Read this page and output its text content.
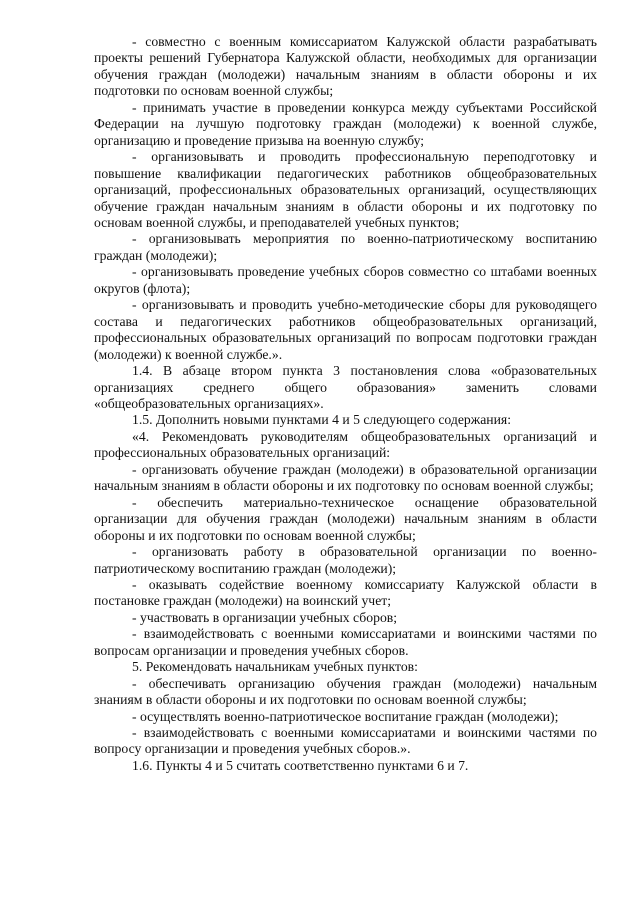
- совместно с военным комиссариатом Калужской области разрабатывать проекты решений Губернатора Калужской области, необходимых для организации обучения граждан (молодежи) начальным знаниям в области обороны и их подготовки по основам военной службы;

- принимать участие в проведении конкурса между субъектами Российской Федерации на лучшую подготовку граждан (молодежи) к военной службе, организацию и проведение призыва на военную службу;

- организовывать и проводить профессиональную переподготовку и повышение квалификации педагогических работников общеобразовательных организаций, профессиональных образовательных организаций, осуществляющих обучение граждан начальным знаниям в области обороны и их подготовку по основам военной службы, и преподавателей учебных пунктов;

- организовывать мероприятия по военно-патриотическому воспитанию граждан (молодежи);

- организовывать проведение учебных сборов совместно со штабами военных округов (флота);

- организовывать и проводить учебно-методические сборы для руководящего состава и педагогических работников общеобразовательных организаций, профессиональных образовательных организаций по вопросам подготовки граждан (молодежи) к военной службе.».

1.4. В абзаце втором пункта 3 постановления слова «образовательных организациях среднего общего образования» заменить словами «общеобразовательных организациях».

1.5. Дополнить новыми пунктами 4 и 5 следующего содержания:

«4. Рекомендовать руководителям общеобразовательных организаций и профессиональных образовательных организаций:

- организовать обучение граждан (молодежи) в образовательной организации начальным знаниям в области обороны и их подготовку по основам военной службы;

- обеспечить материально-техническое оснащение образовательной организации для обучения граждан (молодежи) начальным знаниям в области обороны и их подготовки по основам военной службы;

- организовать работу в образовательной организации по военно-патриотическому воспитанию граждан (молодежи);

- оказывать содействие военному комиссариату Калужской области в постановке граждан (молодежи) на воинский учет;

- участвовать в организации учебных сборов;

- взаимодействовать с военными комиссариатами и воинскими частями по вопросам организации и проведения учебных сборов.

5. Рекомендовать начальникам учебных пунктов:

- обеспечивать организацию обучения граждан (молодежи) начальным знаниям в области обороны и их подготовки по основам военной службы;

- осуществлять военно-патриотическое воспитание граждан (молодежи);

- взаимодействовать с военными комиссариатами и воинскими частями по вопросу организации и проведения учебных сборов.».

1.6. Пункты 4 и 5 считать соответственно пунктами 6 и 7.
